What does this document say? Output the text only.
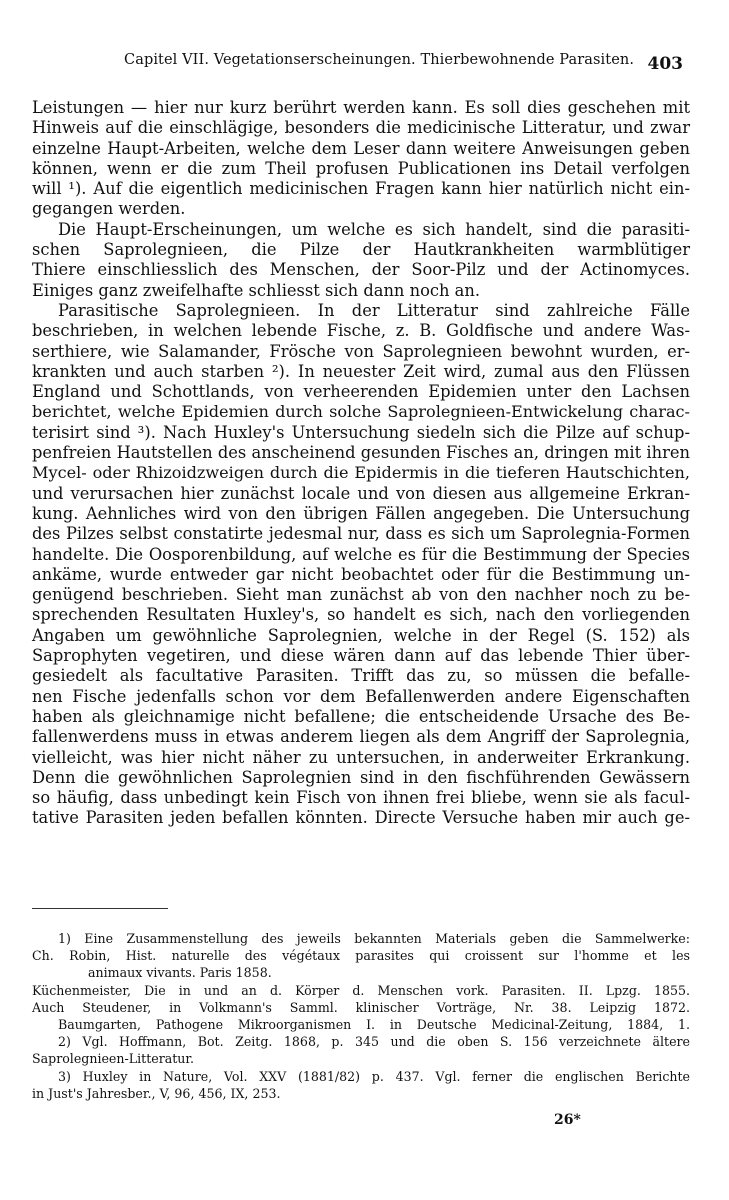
Capitel VII. Vegetationserscheinungen. Thierbewohnende Parasiten. 403
Leistungen — hier nur kurz berührt werden kann. Es soll dies geschehen mit
Hinweis auf die einschlägige, besonders die medicinische Litteratur, und zwar
einzelne Haupt-Arbeiten, welche dem Leser dann weitere Anweisungen geben
können, wenn er die zum Theil profusen Publicationen ins Detail verfolgen
will ¹). Auf die eigentlich medicinischen Fragen kann hier natürlich nicht ein-
gegangen werden.
Die Haupt-Erscheinungen, um welche es sich handelt, sind die parasiti-
schen Saprolegnieen, die Pilze der Hautkrankheiten warmblütiger
Thiere einschliesslich des Menschen, der Soor-Pilz und der Actinomyces.
Einiges ganz zweifelhafte schliesst sich dann noch an.
Parasitische Saprolegnieen. In der Litteratur sind zahlreiche Fälle
beschrieben, in welchen lebende Fische, z. B. Goldfische und andere Was-
serthiere, wie Salamander, Frösche von Saprolegnieen bewohnt wurden, er-
krankten und auch starben ²). In neuester Zeit wird, zumal aus den Flüssen
England und Schottlands, von verheerenden Epidemien unter den Lachsen
berichtet, welche Epidemien durch solche Saprolegnieen-Entwickelung charac-
terisirt sind ³). Nach Huxley's Untersuchung siedeln sich die Pilze auf schup-
penfreien Hautstellen des anscheinend gesunden Fisches an, dringen mit ihren
Mycel- oder Rhizoidzweigen durch die Epidermis in die tieferen Hautschichten,
und verursachen hier zunächst locale und von diesen aus allgemeine Erkran-
kung. Aehnliches wird von den übrigen Fällen angegeben. Die Untersuchung
des Pilzes selbst constatirte jedesmal nur, dass es sich um Saprolegnia-Formen
handelte. Die Oosporenbildung, auf welche es für die Bestimmung der Species
ankäme, wurde entweder gar nicht beobachtet oder für die Bestimmung un-
genügend beschrieben. Sieht man zunächst ab von den nachher noch zu be-
sprechenden Resultaten Huxley's, so handelt es sich, nach den vorliegenden
Angaben um gewöhnliche Saprolegnien, welche in der Regel (S. 152) als
Saprophyten vegetiren, und diese wären dann auf das lebende Thier über-
gesiedelt als facultative Parasiten. Trifft das zu, so müssen die befalle-
nen Fische jedenfalls schon vor dem Befallenwerden andere Eigenschaften
haben als gleichnamige nicht befallene; die entscheidende Ursache des Be-
fallenwerdens muss in etwas anderem liegen als dem Angriff der Saprolegnia,
vielleicht, was hier nicht näher zu untersuchen, in anderweiter Erkrankung.
Denn die gewöhnlichen Saprolegnien sind in den fischführenden Gewässern
so häufig, dass unbedingt kein Fisch von ihnen frei bliebe, wenn sie als facul-
tative Parasiten jeden befallen könnten. Directe Versuche haben mir auch ge-
1) Eine Zusammenstellung des jeweils bekannten Materials geben die Sammelwerke:
Ch. Robin, Hist. naturelle des végétaux parasites qui croissent sur l'homme et les
animaux vivants. Paris 1858.
Küchenmeister, Die in und an d. Körper d. Menschen vork. Parasiten. II. Lpzg. 1855.
Auch Steudener, in Volkmann's Samml. klinischer Vorträge, Nr. 38. Leipzig 1872.
Baumgarten, Pathogene Mikroorganismen I. in Deutsche Medicinal-Zeitung, 1884, 1.
2) Vgl. Hoffmann, Bot. Zeitg. 1868, p. 345 und die oben S. 156 verzeichnete ältere
Saprolegnieen-Litteratur.
3) Huxley in Nature, Vol. XXV (1881/82) p. 437. Vgl. ferner die englischen Berichte
in Just's Jahresber., V, 96, 456, IX, 253.
26*
